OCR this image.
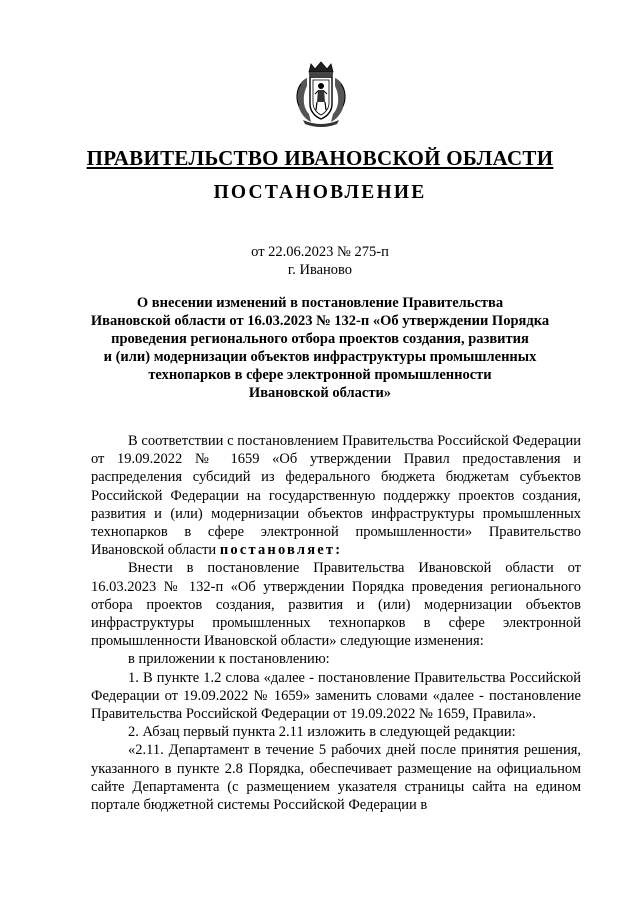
ПРАВИТЕЛЬСТВО ИВАНОВСКОЙ ОБЛАСТИ
ПОСТАНОВЛЕНИЕ
от 22.06.2023 № 275-п
г. Иваново
О внесении изменений в постановление Правительства
Ивановской области от 16.03.2023 № 132-п «Об утверждении Порядка
проведения регионального отбора проектов создания, развития
и (или) модернизации объектов инфраструктуры промышленных
технопарков в сфере электронной промышленности
Ивановской области»

В соответствии с постановлением Правительства Российской Федерации от 19.09.2022 № 1659 «Об утверждении Правил предоставления и распределения субсидий из федерального бюджета бюджетам субъектов Российской Федерации на государственную поддержку проектов создания, развития и (или) модернизации объектов инфраструктуры промышленных технопарков в сфере электронной промышленности» Правительство Ивановской области постановляет:

Внести в постановление Правительства Ивановской области от 16.03.2023 № 132-п «Об утверждении Порядка проведения регионального отбора проектов создания, развития и (или) модернизации объектов инфраструктуры промышленных технопарков в сфере электронной промышленности Ивановской области» следующие изменения:

в приложении к постановлению:

1. В пункте 1.2 слова «далее - постановление Правительства Российской Федерации от 19.09.2022 № 1659» заменить словами «далее - постановление Правительства Российской Федерации от 19.09.2022 № 1659, Правила».

2. Абзац первый пункта 2.11 изложить в следующей редакции:

«2.11. Департамент в течение 5 рабочих дней после принятия решения, указанного в пункте 2.8 Порядка, обеспечивает размещение на официальном сайте Департамента (с размещением указателя страницы сайта на едином портале бюджетной системы Российской Федерации в
